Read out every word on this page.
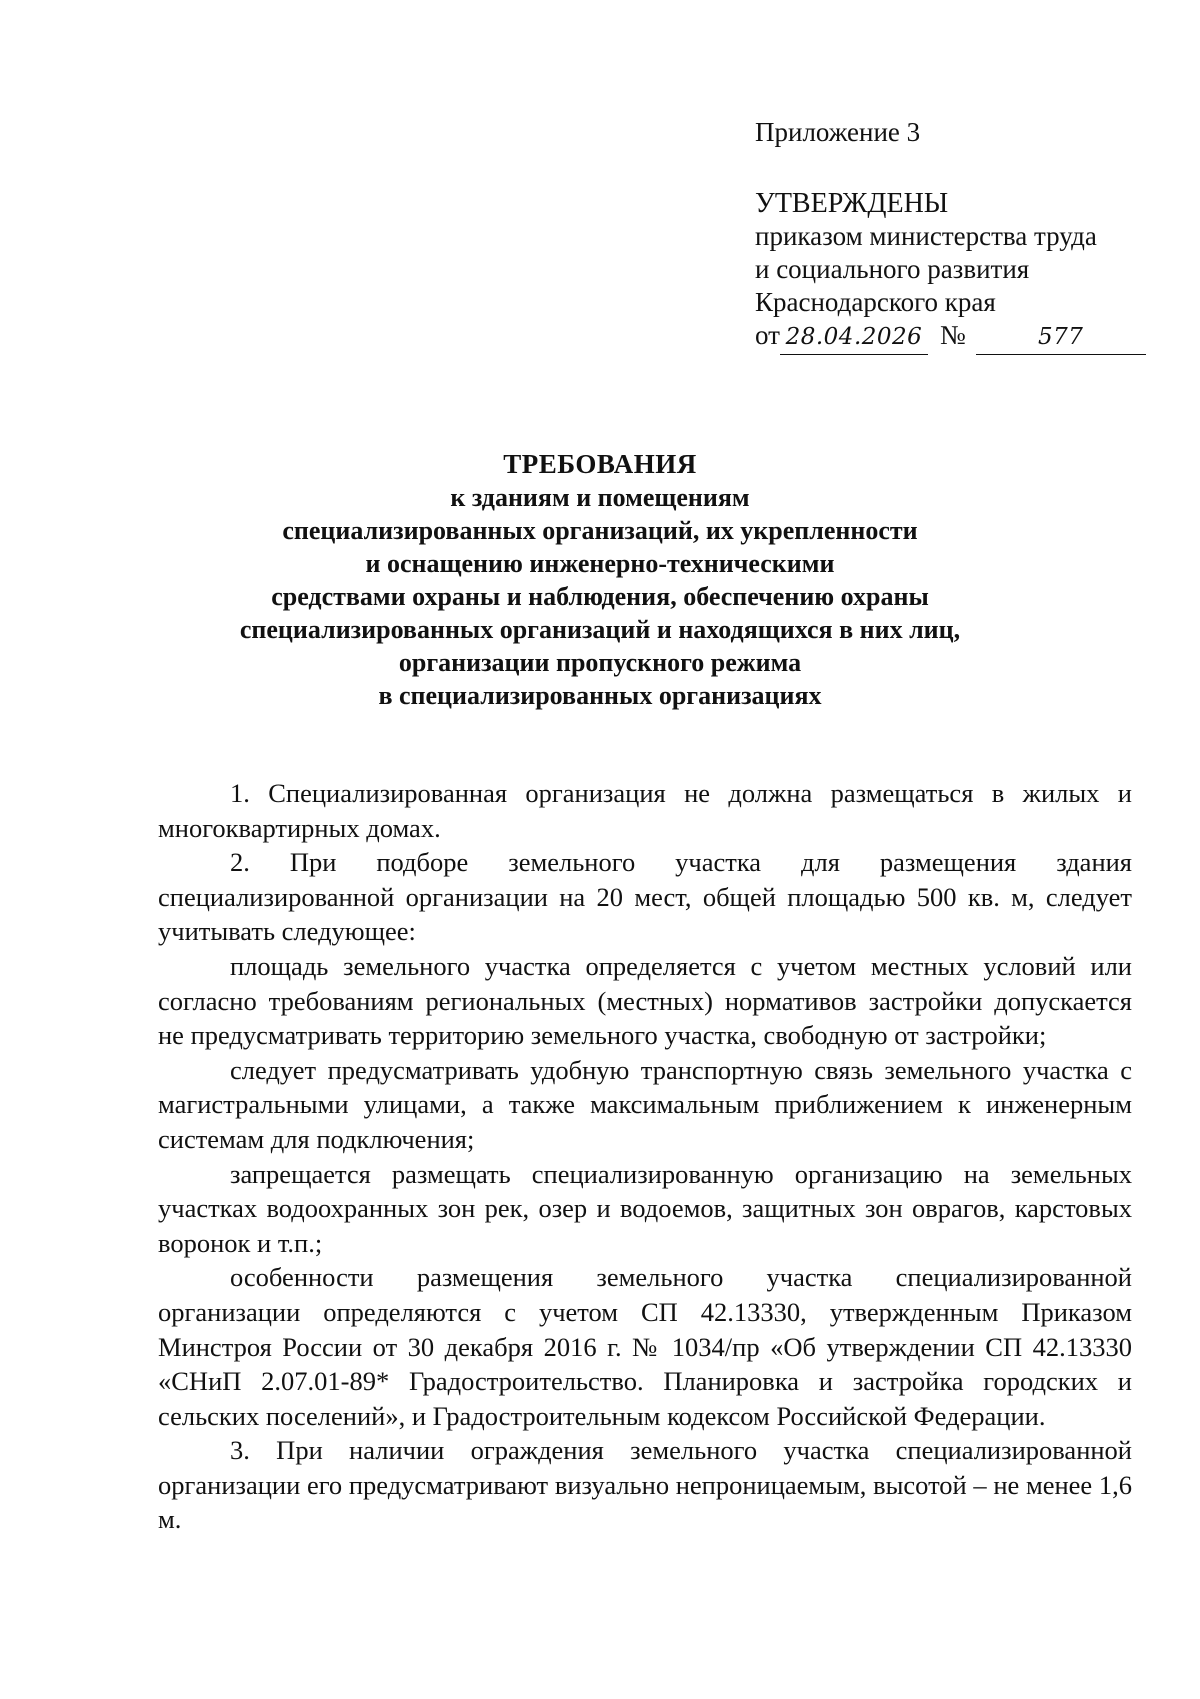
Приложение 3
УТВЕРЖДЕНЫ
приказом министерства труда
и социального развития
Краснодарского края
от 28.04.2026 №	577
ТРЕБОВАНИЯ
к зданиям и помещениям
специализированных организаций, их укрепленности
и оснащению инженерно-техническими
средствами охраны и наблюдения, обеспечению охраны
специализированных организаций и находящихся в них лиц,
организации пропускного режима
в специализированных организациях

1. Специализированная организация не должна размещаться в жилых и многоквартирных домах.

2. При подборе земельного участка для размещения здания специализированной организации на 20 мест, общей площадью 500 кв. м, следует учитывать следующее:

площадь земельного участка определяется с учетом местных условий или согласно требованиям региональных (местных) нормативов застройки допускается не предусматривать территорию земельного участка, свободную от застройки;

следует предусматривать удобную транспортную связь земельного участка с магистральными улицами, а также максимальным приближением к инженерным системам для подключения;

запрещается размещать специализированную организацию на земельных участках водоохранных зон рек, озер и водоемов, защитных зон оврагов, карстовых воронок и т.п.;

особенности размещения земельного участка специализированной организации определяются с учетом СП 42.13330, утвержденным Приказом Минстроя России от 30 декабря 2016 г. № 1034/пр «Об утверждении СП 42.13330 «СНиП 2.07.01-89* Градостроительство. Планировка и застройка городских и сельских поселений», и Градостроительным кодексом Российской Федерации.

3. При наличии ограждения земельного участка специализированной организации его предусматривают визуально непроницаемым, высотой – не менее 1,6 м.
